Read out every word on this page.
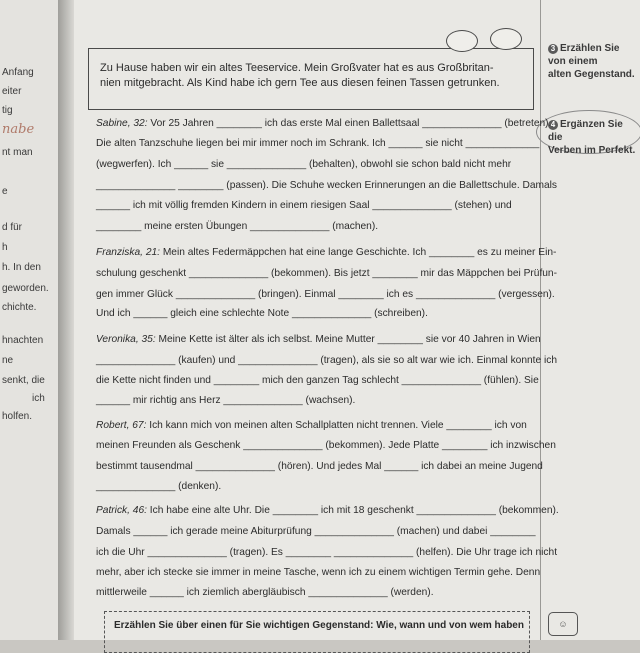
Anfang
eiter
tig
nabe
nt man
e
d für
h
h. In den
geworden.
chichte.
hnachten
ne
senkt, die
ich
holfen.
Zu Hause haben wir ein altes Teeservice. Mein Großvater hat es aus Großbritan-
nien mitgebracht. Als Kind habe ich gern Tee aus diesen feinen Tassen getrunken.
3 Erzählen Sie
von einem
alten Gegenstand.
4 Ergänzen Sie die
Verben im Perfekt.
Sabine, 32: Vor 25 Jahren ________ ich das erste Mal einen Ballettsaal ______________ (betreten).
Die alten Tanzschuhe liegen bei mir immer noch im Schrank. Ich ______ sie nicht _____________
(wegwerfen). Ich ______ sie ______________ (behalten), obwohl sie schon bald nicht mehr
______________ ________ (passen). Die Schuhe wecken Erinnerungen an die Ballettschule. Damals
______ ich mit völlig fremden Kindern in einem riesigen Saal ______________ (stehen) und
________ meine ersten Übungen ______________ (machen).
Franziska, 21: Mein altes Federmäppchen hat eine lange Geschichte. Ich ________ es zu meiner Ein-
schulung geschenkt ______________ (bekommen). Bis jetzt ________ mir das Mäppchen bei Prüfun-
gen immer Glück ______________ (bringen). Einmal ________ ich es ______________ (vergessen).
Und ich ______ gleich eine schlechte Note ______________ (schreiben).
Veronika, 35: Meine Kette ist älter als ich selbst. Meine Mutter ________ sie vor 40 Jahren in Wien
______________ (kaufen) und ______________ (tragen), als sie so alt war wie ich. Einmal konnte ich
die Kette nicht finden und ________ mich den ganzen Tag schlecht ______________ (fühlen). Sie
______ mir richtig ans Herz ______________ (wachsen).
Robert, 67: Ich kann mich von meinen alten Schallplatten nicht trennen. Viele ________ ich von
meinen Freunden als Geschenk ______________ (bekommen). Jede Platte ________ ich inzwischen
bestimmt tausendmal ______________ (hören). Und jedes Mal ______ ich dabei an meine Jugend
______________ (denken).
Patrick, 46: Ich habe eine alte Uhr. Die ________ ich mit 18 geschenkt ______________ (bekommen).
Damals ______ ich gerade meine Abiturprüfung ______________ (machen) und dabei ________
ich die Uhr ______________ (tragen). Es ________ ______________ (helfen). Die Uhr trage ich nicht
mehr, aber ich stecke sie immer in meine Tasche, wenn ich zu einem wichtigen Termin gehe. Denn
mittlerweile ______ ich ziemlich abergläubisch ______________ (werden).
Erzählen Sie über einen für Sie wichtigen Gegenstand: Wie, wann und von wem haben	☺
